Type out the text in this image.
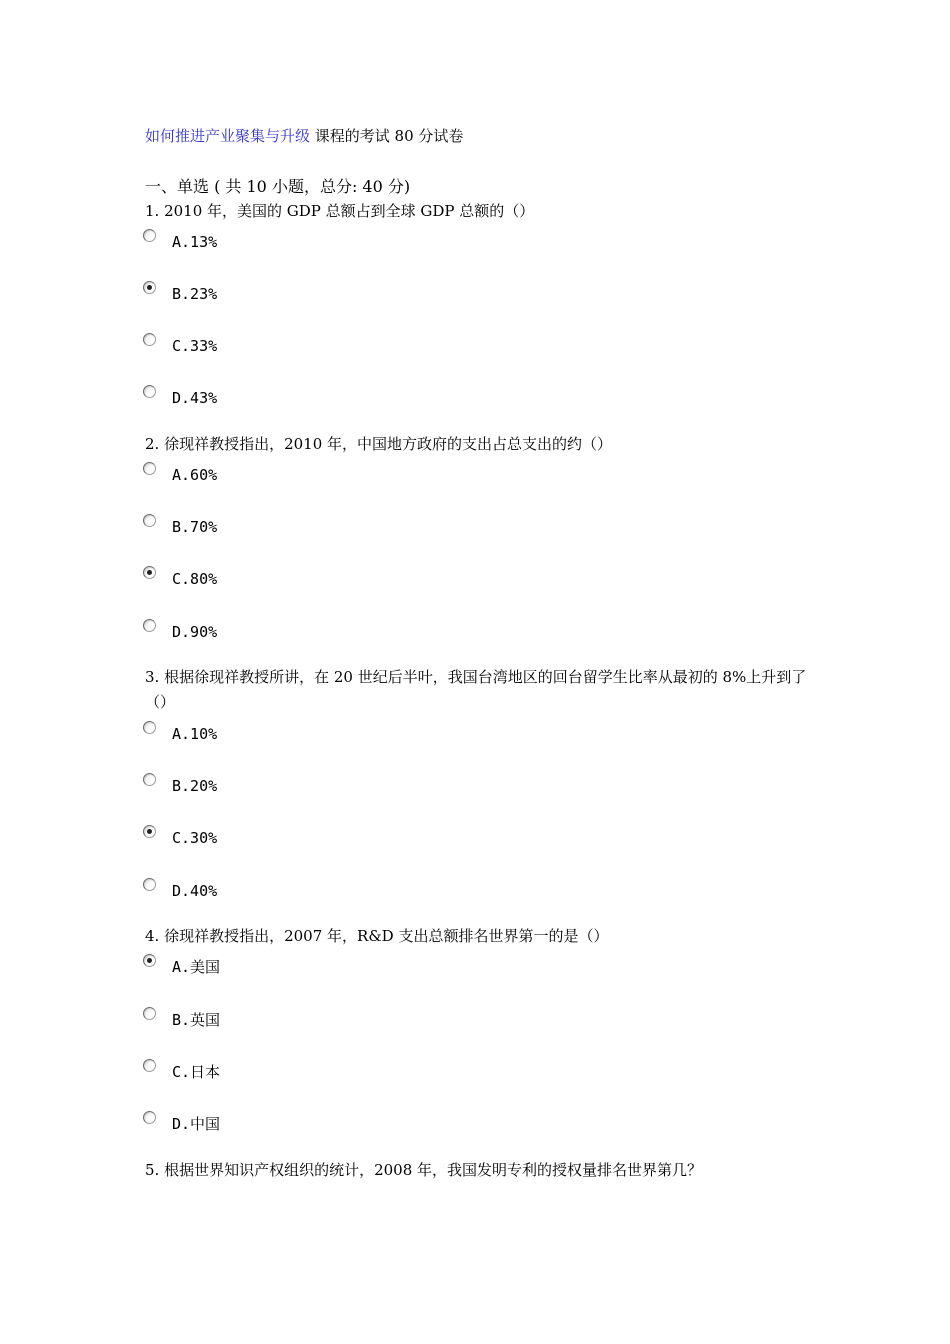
如何推进产业聚集与升级 课程的考试 80 分试卷
一、单选 ( 共 10 小题，总分: 40 分)
1. 2010 年，美国的 GDP 总额占到全球 GDP 总额的（）
A.13%
B.23%
C.33%
D.43%
2. 徐现祥教授指出，2010 年，中国地方政府的支出占总支出的约（）
A.60%
B.70%
C.80%
D.90%
3. 根据徐现祥教授所讲，在 20 世纪后半叶，我国台湾地区的回台留学生比率从最初的 8%上升到了（）
A.10%
B.20%
C.30%
D.40%
4. 徐现祥教授指出，2007 年，R&D 支出总额排名世界第一的是（）
A.美国
B.英国
C.日本
D.中国
5. 根据世界知识产权组织的统计，2008 年，我国发明专利的授权量排名世界第几？
